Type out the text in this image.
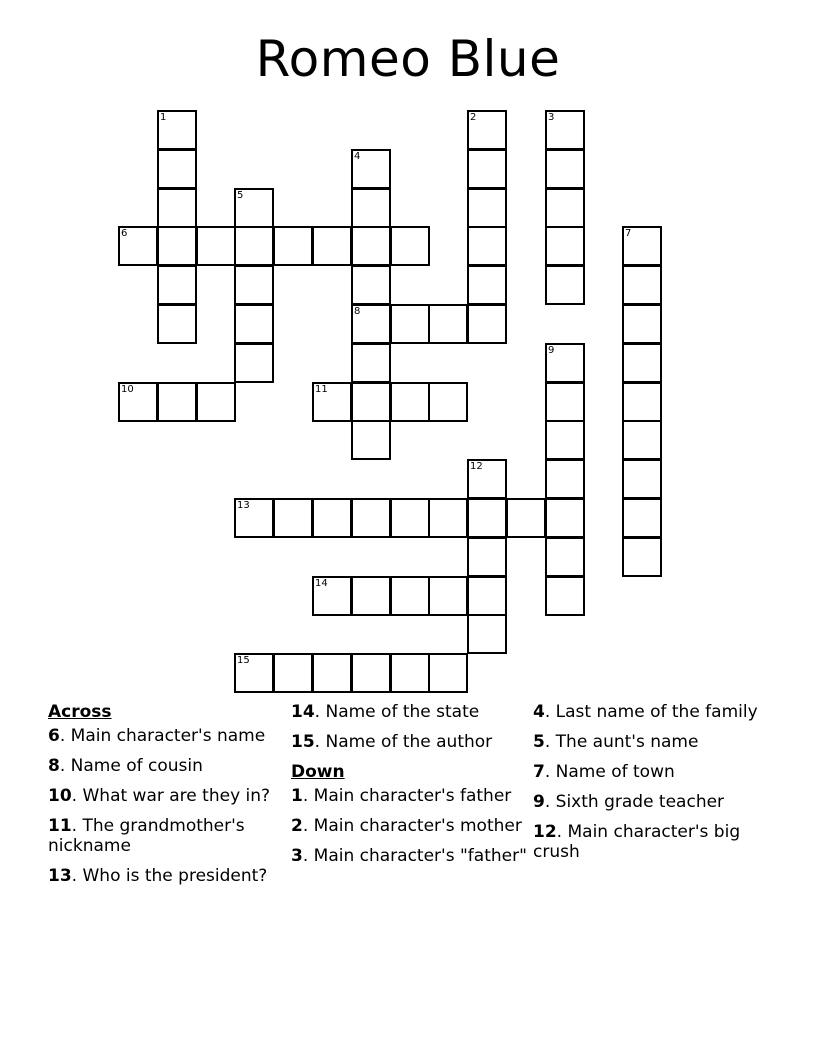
Romeo Blue
1	2	3
4
5
6	7
8
9
10	11
12
13
14
15
Across
6. Main character's name
8. Name of cousin
10. What war are they in?
11. The grandmother's nickname
13. Who is the president?
14. Name of the state
15. Name of the author
Down
1. Main character's father
2. Main character's mother
3. Main character's "father"
4. Last name of the family
5. The aunt's name
7. Name of town
9. Sixth grade teacher
12. Main character's big crush
